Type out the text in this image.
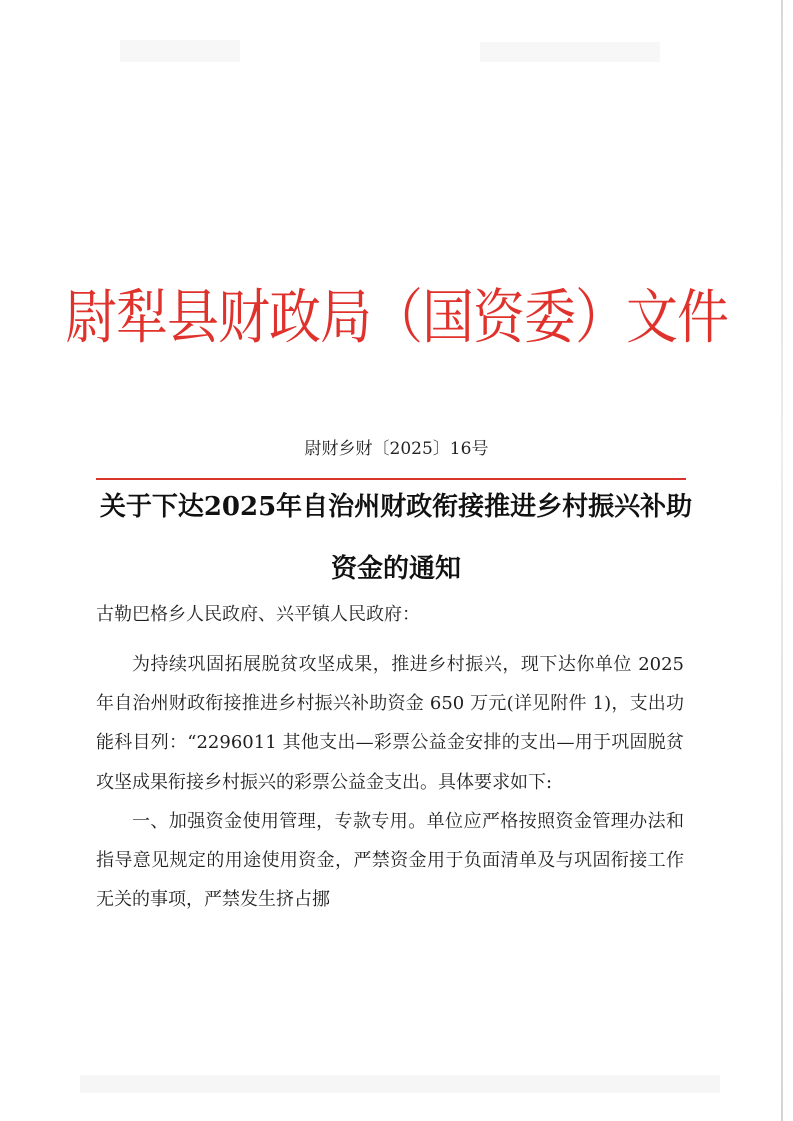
尉犁县财政局（国资委）文件
尉财乡财〔2025〕16号
关于下达2025年自治州财政衔接推进乡村振兴补助资金的通知
古勒巴格乡人民政府、兴平镇人民政府：

为持续巩固拓展脱贫攻坚成果，推进乡村振兴，现下达你单位 2025 年自治州财政衔接推进乡村振兴补助资金 650 万元(详见附件 1)，支出功能科目列：“2296011 其他支出—彩票公益金安排的支出—用于巩固脱贫攻坚成果衔接乡村振兴的彩票公益金支出。具体要求如下:

一、加强资金使用管理，专款专用。单位应严格按照资金管理办法和指导意见规定的用途使用资金，严禁资金用于负面清单及与巩固衔接工作无关的事项，严禁发生挤占挪
